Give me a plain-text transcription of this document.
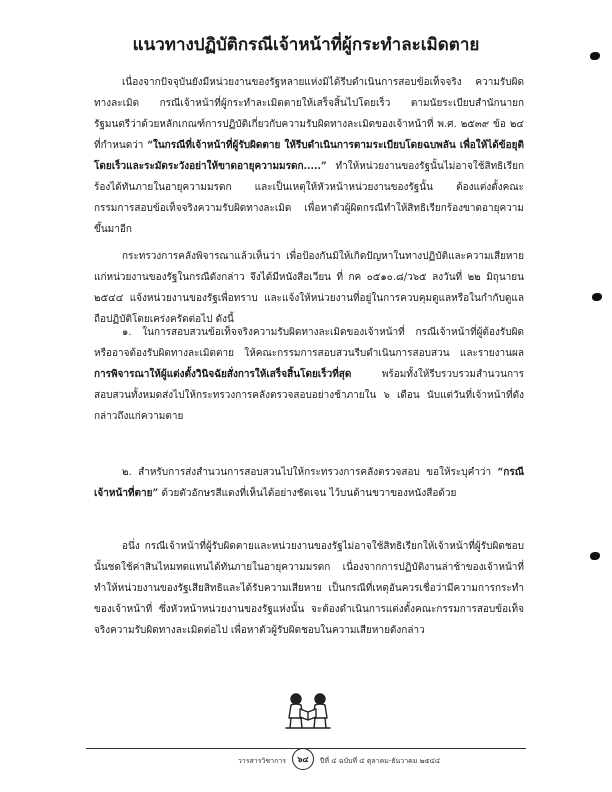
แนวทางปฏิบัติกรณีเจ้าหน้าที่ผู้กระทำละเมิดตาย

เนื่องจากปัจจุบันยังมีหน่วยงานของรัฐหลายแห่งมิได้รีบดำเนินการสอบข้อเท็จจริง ความรับผิดทางละเมิด กรณีเจ้าหน้าที่ผู้กระทำละเมิดตายให้เสร็จสิ้นไปโดยเร็ว ตามนัยระเบียบสำนักนายกรัฐมนตรีว่าด้วยหลักเกณฑ์การปฏิบัติเกี่ยวกับความรับผิดทางละเมิดของเจ้าหน้าที่ พ.ศ. ๒๕๓๙ ข้อ ๒๔ ที่กำหนดว่า “ในกรณีที่เจ้าหน้าที่ผู้รับผิดตาย ให้รีบดำเนินการตามระเบียบโดยฉบพลัน เพื่อให้ได้ข้อยุติโดยเร็วและระมัดระวังอย่าให้ขาดอายุความมรดก.....” ทำให้หน่วยงานของรัฐนั้นไม่อาจใช้สิทธิเรียกร้องได้ทันภายในอายุความมรดก และเป็นเหตุให้หัวหน้าหน่วยงานของรัฐนั้น ต้องแต่งตั้งคณะกรรมการสอบข้อเท็จจริงความรับผิดทางละเมิด เพื่อหาตัวผู้ผิดกรณีทำให้สิทธิเรียกร้องขาดอายุความขึ้นมาอีก

กระทรวงการคลังพิจารณาแล้วเห็นว่า เพื่อป้องกันมิให้เกิดปัญหาในทางปฏิบัติและความเสียหายแก่หน่วยงานของรัฐในกรณีดังกล่าว จึงได้มีหนังสือเวียน ที่ กค ๐๕๑๐.๘/ว๖๕ ลงวันที่ ๒๒ มิถุนายน ๒๕๔๔ แจ้งหน่วยงานของรัฐเพื่อทราบ และแจ้งให้หน่วยงานที่อยู่ในการควบคุมดูแลหรือในกำกับดูแล ถือปฏิบัติโดยเคร่งครัดต่อไป ดังนี้

๑. ในการสอบสวนข้อเท็จจริงความรับผิดทางละเมิดของเจ้าหน้าที่ กรณีเจ้าหน้าที่ผู้ต้องรับผิดหรืออาจต้องรับผิดทางละเมิดตาย ให้คณะกรรมการสอบสวนรีบดำเนินการสอบสวน และรายงานผล การพิจารณาให้ผู้แต่งตั้งวินิจฉัยสั่งการให้เสร็จสิ้นโดยเร็วที่สุด	พร้อมทั้งให้รีบรวบรวมสำนวนการสอบสวนทั้งหมดส่งไปให้กระทรวงการคลังตรวจสอบอย่างช้าภายใน ๖ เดือน นับแต่วันที่เจ้าหน้าที่ดังกล่าวถึงแก่ความตาย

๒. สำหรับการส่งสำนวนการสอบสวนไปให้กระทรวงการคลังตรวจสอบ ขอให้ระบุคำว่า “กรณีเจ้าหน้าที่ตาย” ด้วยตัวอักษรสีแดงที่เห็นได้อย่างชัดเจน ไว้บนด้านขวาของหนังสือด้วย

อนึ่ง กรณีเจ้าหน้าที่ผู้รับผิดตายและหน่วยงานของรัฐไม่อาจใช้สิทธิเรียกให้เจ้าหน้าที่ผู้รับผิดชอบนั้นชดใช้ค่าสินไหมทดแทนได้ทันภายในอายุความมรดก เนื่องจากการปฏิบัติงานล่าช้าของเจ้าหน้าที่ทำให้หน่วยงานของรัฐเสียสิทธิและได้รับความเสียหาย เป็นกรณีที่เหตุอันควรเชื่อว่ามีความการกระทำของเจ้าหน้าที่ ซึ่งหัวหน้าหน่วยงานของรัฐแห่งนั้น จะต้องดำเนินการแต่งตั้งคณะกรรมการสอบข้อเท็จจริงความรับผิดทางละเมิดต่อไป เพื่อหาตัวผู้รับผิดชอบในความเสียหายดังกล่าว

วารสารวิชาการ	๖๔	ปีที่ ๔ ฉบับที่ ๔ ตุลาคม-ธันวาคม ๒๕๔๔
